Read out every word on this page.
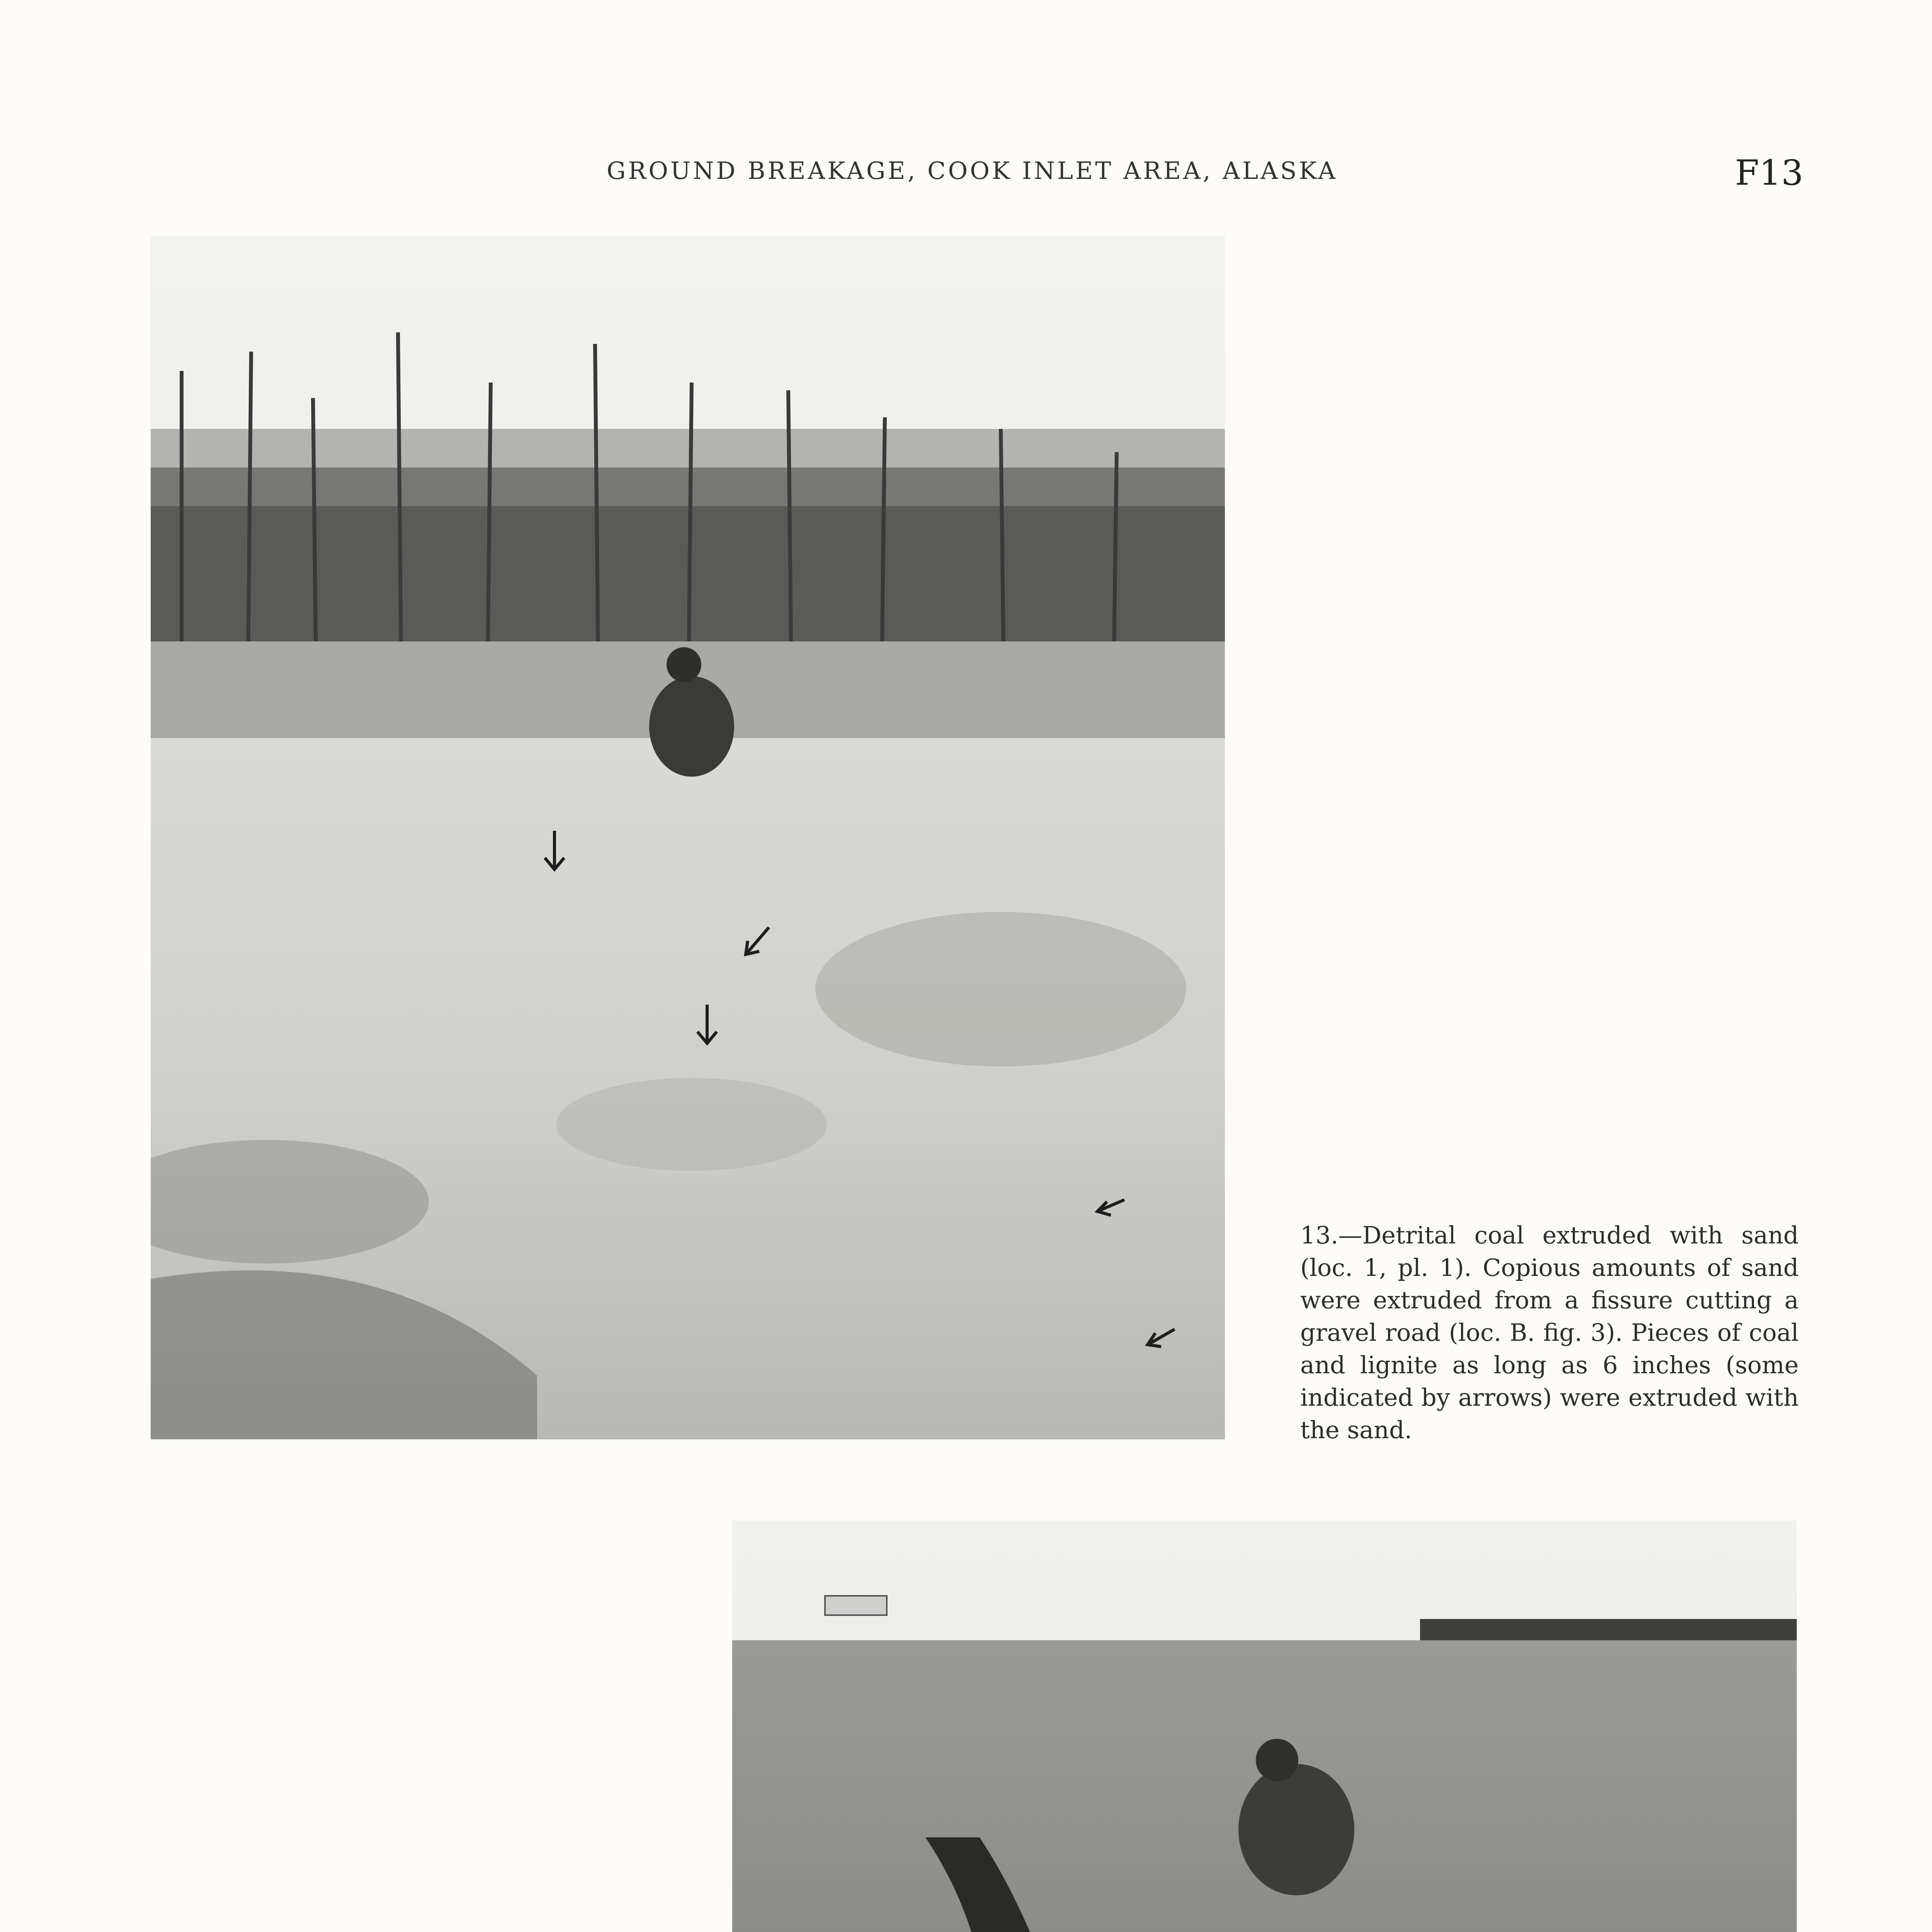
GROUND BREAKAGE, COOK INLET AREA, ALASKA	F13
13.—Detrital coal extruded with sand (loc. 1, pl. 1). Copious amounts of sand were extruded from a fissure cutting a gravel road (loc. B. fig. 3). Pieces of coal and lignite as long as 6 inches (some indicated by arrows) were extruded with the sand.
